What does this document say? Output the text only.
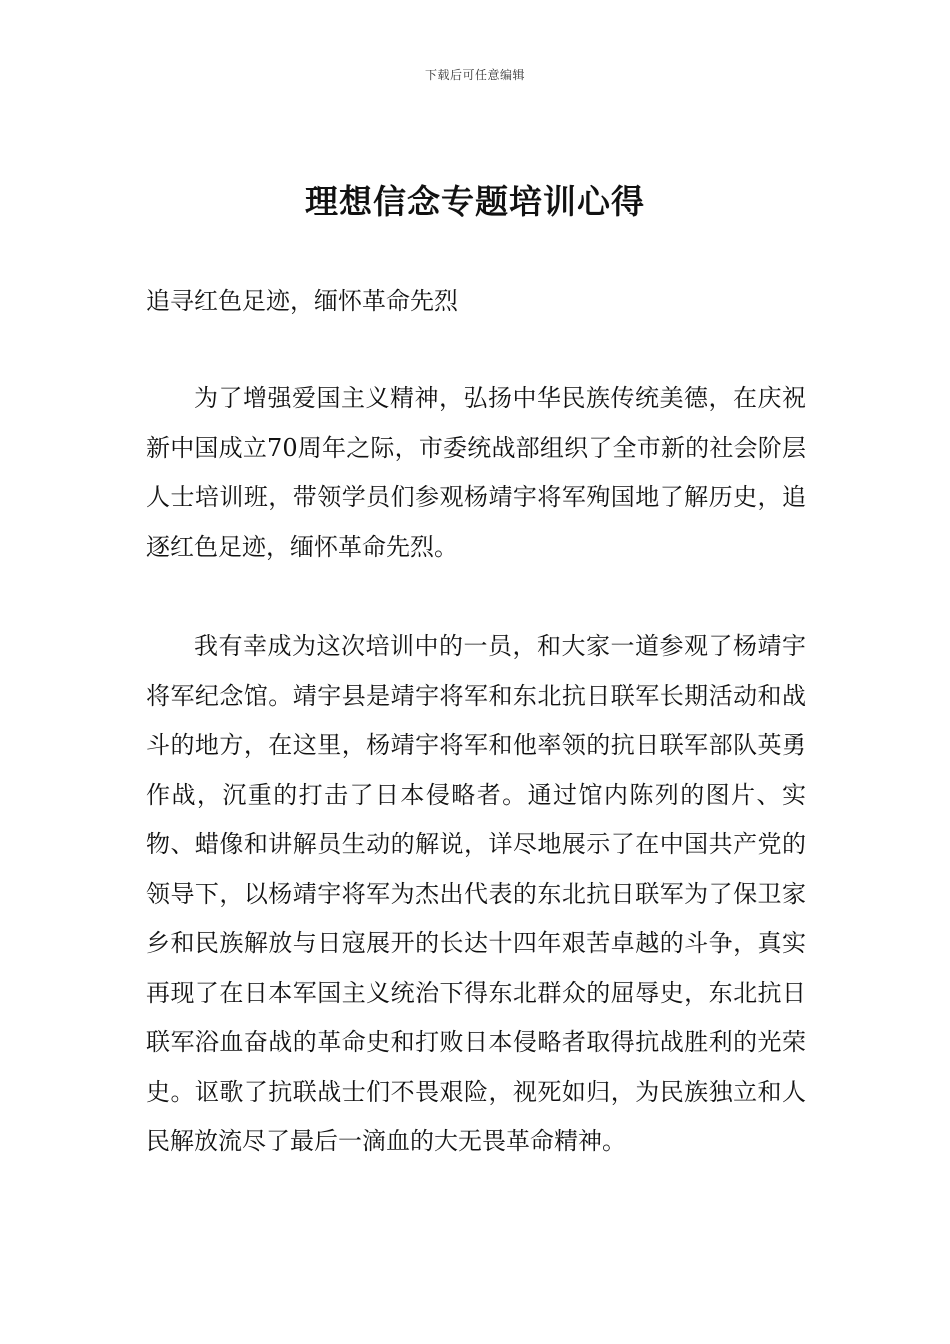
下载后可任意编辑
理想信念专题培训心得

追寻红色足迹，缅怀革命先烈

为了增强爱国主义精神，弘扬中华民族传统美德，在庆祝新中国成立70周年之际，市委统战部组织了全市新的社会阶层人士培训班，带领学员们参观杨靖宇将军殉国地了解历史，追逐红色足迹，缅怀革命先烈。

我有幸成为这次培训中的一员，和大家一道参观了杨靖宇将军纪念馆。靖宇县是靖宇将军和东北抗日联军长期活动和战斗的地方，在这里，杨靖宇将军和他率领的抗日联军部队英勇作战，沉重的打击了日本侵略者。通过馆内陈列的图片、实物、蜡像和讲解员生动的解说，详尽地展示了在中国共产党的领导下，以杨靖宇将军为杰出代表的东北抗日联军为了保卫家乡和民族解放与日寇展开的长达十四年艰苦卓越的斗争，真实再现了在日本军国主义统治下得东北群众的屈辱史，东北抗日联军浴血奋战的革命史和打败日本侵略者取得抗战胜利的光荣史。讴歌了抗联战士们不畏艰险，视死如归，为民族独立和人民解放流尽了最后一滴血的大无畏革命精神。
